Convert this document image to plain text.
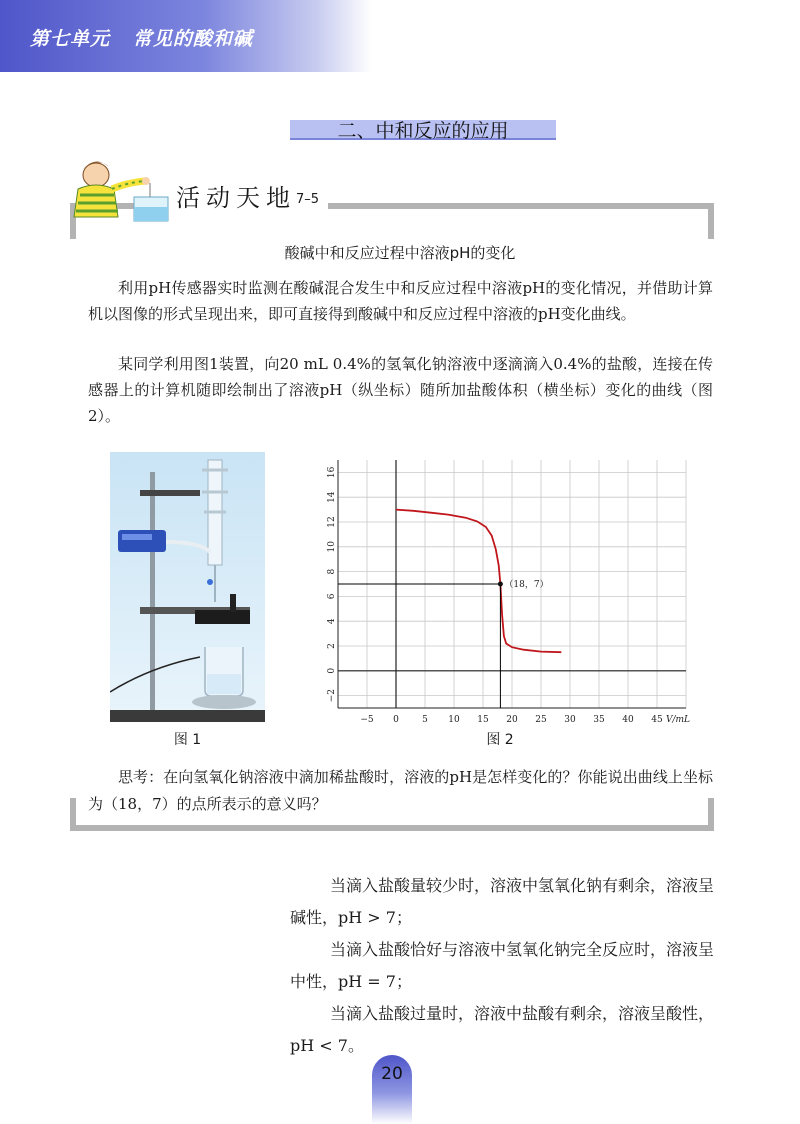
第七单元   常见的酸和碱
二、中和反应的应用
活动天地 7–5
酸碱中和反应过程中溶液pH的变化

利用pH传感器实时监测在酸碱混合发生中和反应过程中溶液pH的变化情况，并借助计算机以图像的形式呈现出来，即可直接得到酸碱中和反应过程中溶液的pH变化曲线。

某同学利用图1装置，向20 mL 0.4%的氢氧化钠溶液中逐滴滴入0.4%的盐酸，连接在传感器上的计算机随即绘制出了溶液pH（纵坐标）随所加盐酸体积（横坐标）变化的曲线（图2）。

图 1
−5 0	5 10 15 20 25 30 35 40 45 V/mL
−2
0
2
4
6
8
10
12
14
16
（18，7）
图 2

思考：在向氢氧化钠溶液中滴加稀盐酸时，溶液的pH是怎样变化的？你能说出曲线上坐标为（18，7）的点所表示的意义吗？

当滴入盐酸量较少时，溶液中氢氧化钠有剩余，溶液呈碱性，pH > 7；

当滴入盐酸恰好与溶液中氢氧化钠完全反应时，溶液呈中性，pH = 7；

当滴入盐酸过量时，溶液中盐酸有剩余，溶液呈酸性，pH < 7。

20
